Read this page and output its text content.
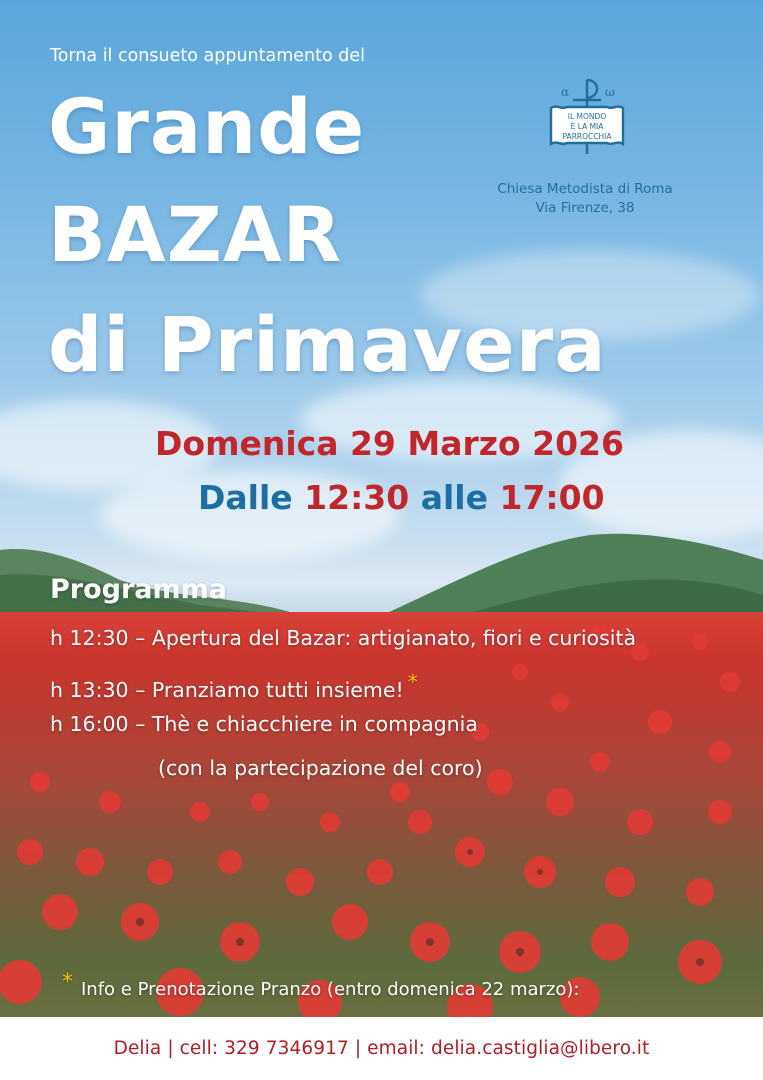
Torna il consueto appuntamento del
Grande
BAZAR
di Primavera
α	ω
IL MONDO
È LA MIA
PARROCCHIA
Chiesa Metodista di Roma
Via Firenze, 38
Domenica 29 Marzo 2026
Dalle 12:30 alle 17:00
Programma
h 12:30 – Apertura del Bazar: artigianato, fiori e curiosità
h 13:30 – Pranziamo tutti insieme! *
h 16:00 – Thè e chiacchiere in compagnia
(con la partecipazione del coro)
* Info e Prenotazione Pranzo (entro domenica 22 marzo):
Delia | cell: 329 7346917 | email: delia.castiglia@libero.it
